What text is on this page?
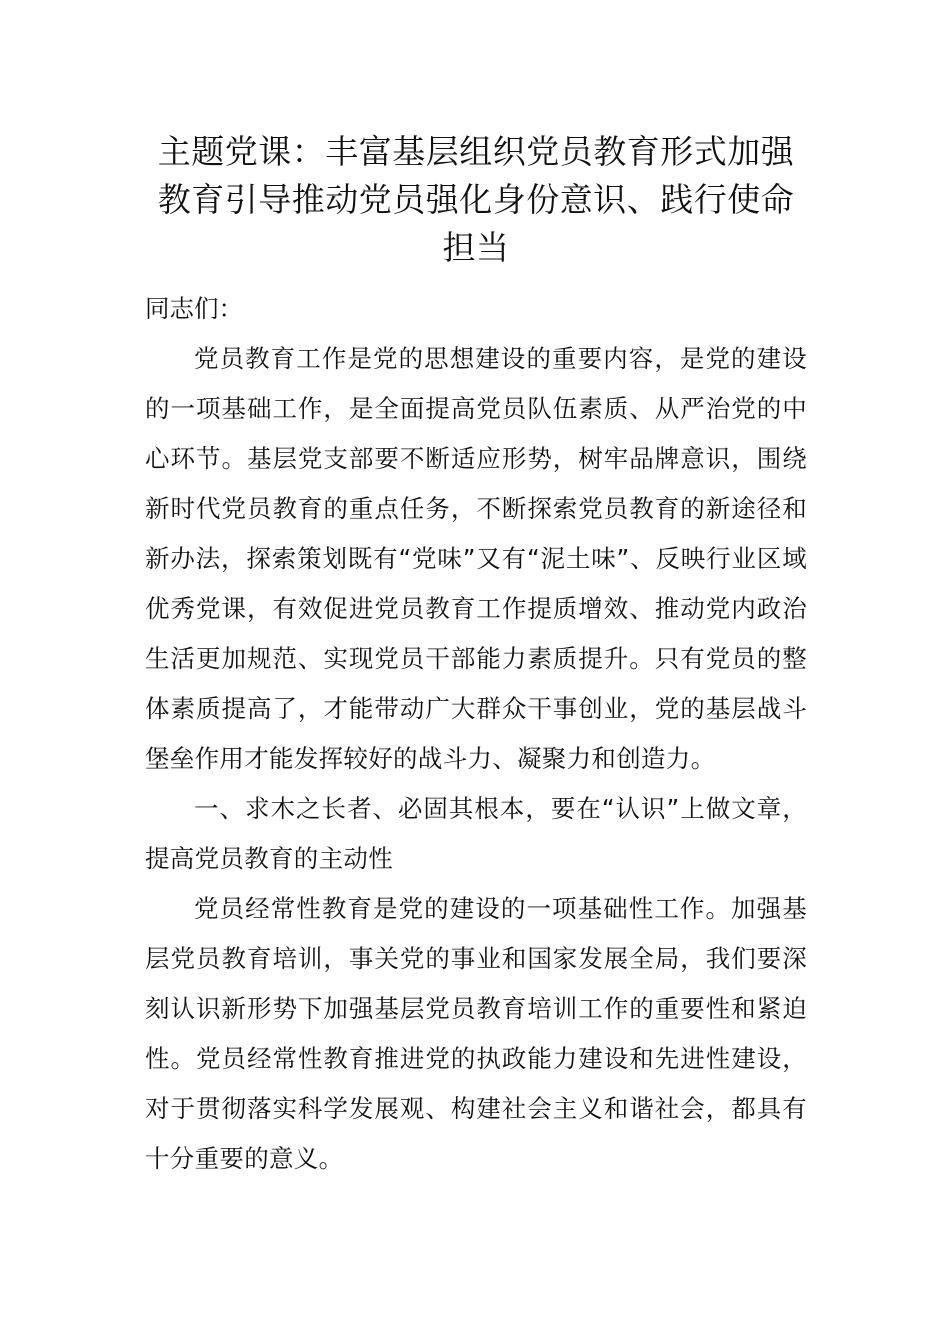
主题党课：丰富基层组织党员教育形式加强教育引导推动党员强化身份意识、践行使命担当

同志们：

党员教育工作是党的思想建设的重要内容，是党的建设的一项基础工作，是全面提高党员队伍素质、从严治党的中心环节。基层党支部要不断适应形势，树牢品牌意识，围绕新时代党员教育的重点任务，不断探索党员教育的新途径和新办法，探索策划既有“党味”又有“泥土味”、反映行业区域优秀党课，有效促进党员教育工作提质增效、推动党内政治生活更加规范、实现党员干部能力素质提升。只有党员的整体素质提高了，才能带动广大群众干事创业，党的基层战斗堡垒作用才能发挥较好的战斗力、凝聚力和创造力。

一、求木之长者、必固其根本，要在“认识”上做文章，提高党员教育的主动性

党员经常性教育是党的建设的一项基础性工作。加强基层党员教育培训，事关党的事业和国家发展全局，我们要深刻认识新形势下加强基层党员教育培训工作的重要性和紧迫性。党员经常性教育推进党的执政能力建设和先进性建设，对于贯彻落实科学发展观、构建社会主义和谐社会，都具有十分重要的意义。
